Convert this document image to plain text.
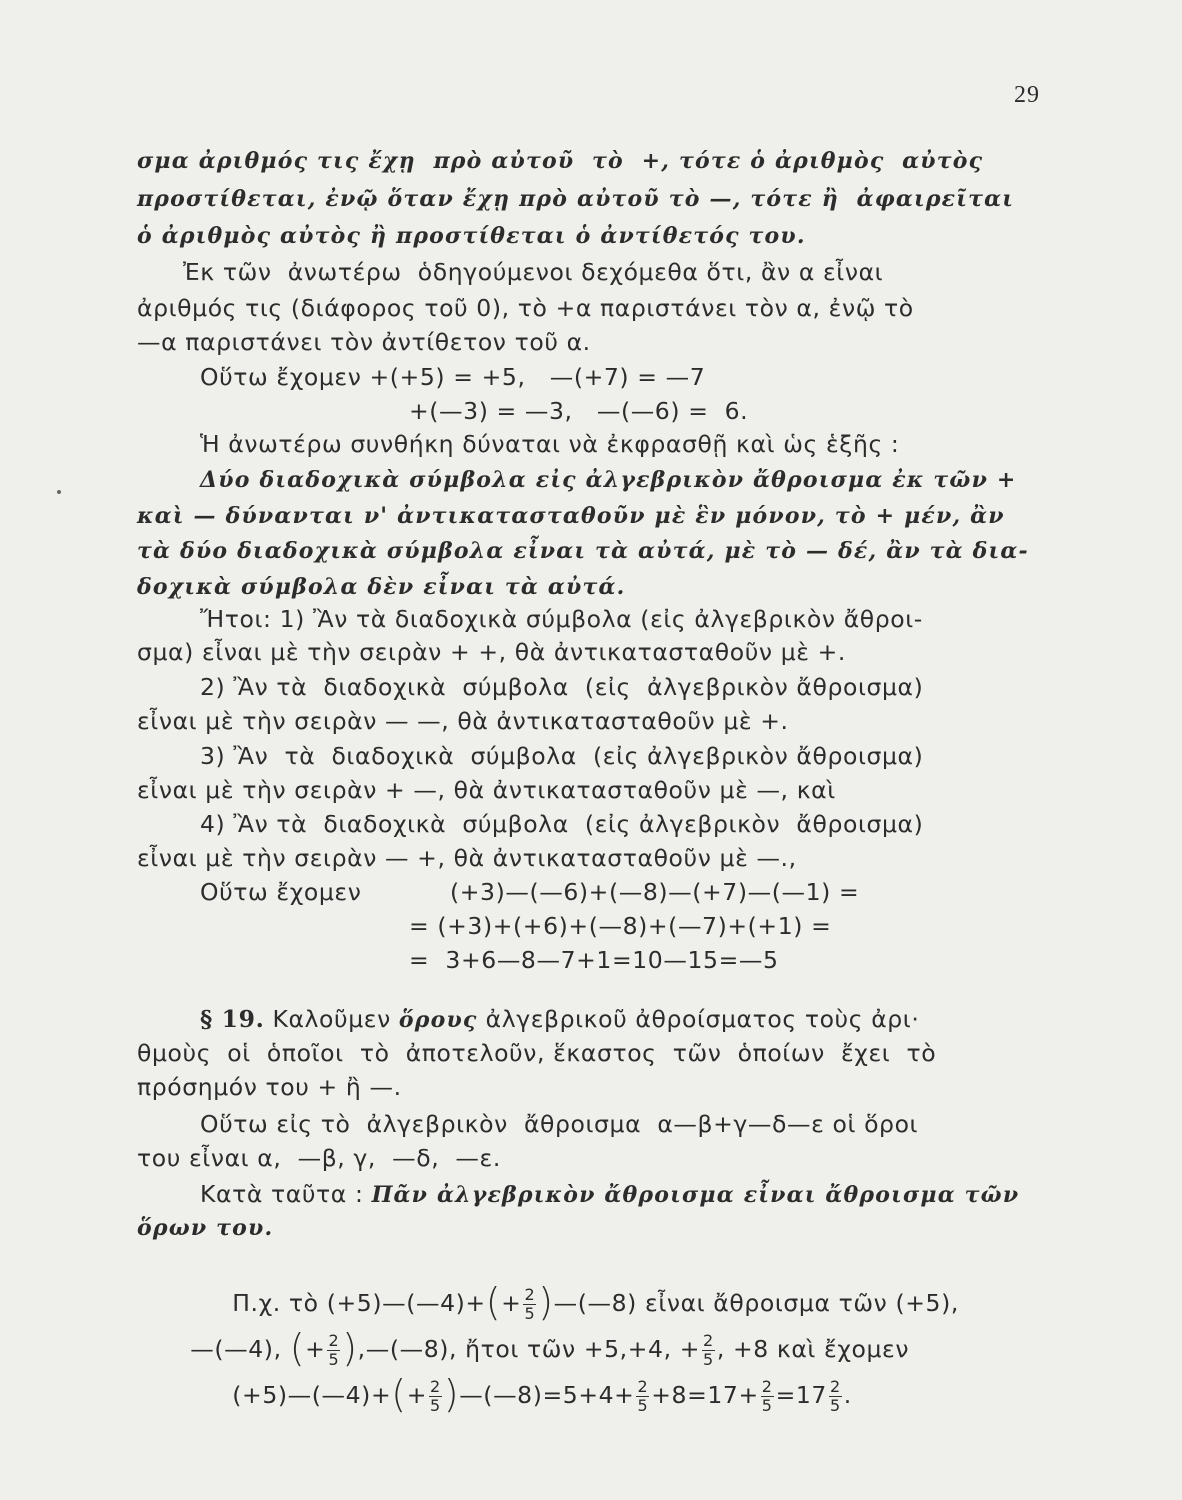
29
σμα ἀριθμός τις ἔχῃ  πρὸ αὐτοῦ  τὸ  +, τότε ὁ ἀριθμὸς  αὐτὸς
προστίθεται, ἐνῷ ὅταν ἔχῃ πρὸ αὐτοῦ τὸ —, τότε ἢ  ἀφαιρεῖται
ὁ ἀριθμὸς αὐτὸς ἢ προστίθεται ὁ ἀντίθετός του.
Ἐκ τῶν  ἀνωτέρω  ὁδηγούμενοι δεχόμεθα ὅτι, ἂν α εἶναι
ἀριθμός τις (διάφορος τοῦ 0), τὸ +α παριστάνει τὸν α, ἐνῷ τὸ
—α παριστάνει τὸν ἀντίθετον τοῦ α.
Οὕτω ἔχομεν +(+5) = +5,   —(+7) = —7
+(—3) = —3,   —(—6) =  6.
Ἡ ἀνωτέρω συνθήκη δύναται νὰ ἐκφρασθῇ καὶ ὡς ἑξῆς :
Δύο διαδοχικὰ σύμβολα εἰς ἀλγεβρικὸν ἄθροισμα ἐκ τῶν +
καὶ — δύνανται ν' ἀντικατασταθοῦν μὲ ἓν μόνον, τὸ + μέν, ἂν
τὰ δύο διαδοχικὰ σύμβολα εἶναι τὰ αὐτά, μὲ τὸ — δέ, ἂν τὰ δια-
δοχικὰ σύμβολα δὲν εἶναι τὰ αὐτά.
Ἤτοι: 1) Ἂν τὰ διαδοχικὰ σύμβολα (εἰς ἀλγεβρικὸν ἄθροι-
σμα) εἶναι μὲ τὴν σειρὰν + +, θὰ ἀντικατασταθοῦν μὲ +.
2) Ἂν τὰ  διαδοχικὰ  σύμβολα  (εἰς  ἀλγεβρικὸν ἄθροισμα)
εἶναι μὲ τὴν σειρὰν — —, θὰ ἀντικατασταθοῦν μὲ +.
3) Ἂν  τὰ  διαδοχικὰ  σύμβολα  (εἰς ἀλγεβρικὸν ἄθροισμα)
εἶναι μὲ τὴν σειρὰν + —, θὰ ἀντικατασταθοῦν μὲ —, καὶ
4) Ἂν τὰ  διαδοχικὰ  σύμβολα  (εἰς ἀλγεβρικὸν  ἄθροισμα)
εἶναι μὲ τὴν σειρὰν — +, θὰ ἀντικατασταθοῦν μὲ —.,
Οὕτω ἔχομεν	(+3)—(—6)+(—8)—(+7)—(—1) =
= (+3)+(+6)+(—8)+(—7)+(+1) =
=  3+6—8—7+1=10—15=—5
§ 19. Καλοῦμεν ὅρους ἀλγεβρικοῦ ἀθροίσματος τοὺς ἀρι·
θμοὺς  οἱ  ὁποῖοι  τὸ  ἀποτελοῦν, ἕκαστος  τῶν  ὁποίων  ἔχει  τὸ
πρόσημόν του + ἢ —.
Οὕτω εἰς τὸ  ἀλγεβρικὸν  ἄθροισμα  α—β+γ—δ—ε οἱ ὅροι
του εἶναι α,  —β, γ,  —δ,  —ε.
Κατὰ ταῦτα : Πᾶν ἀλγεβρικὸν ἄθροισμα εἶναι ἄθροισμα τῶν
ὅρων του.

Π.χ. τὸ (+5)—(—4)+(+ $\frac{2}{5}$ )—(—8) εἶναι ἄθροισμα τῶν (+5),

—(—4), (+ $\frac{2}{5}$ ),—(—8), ἤτοι τῶν +5,+4, + $\frac{2}{5}$ , +8 καὶ ἔχομεν

(+5)—(—4)+(+ $\frac{2}{5}$ )—(—8)=5+4+ $\frac{2}{5} +8=17+ \frac{2}{5} =17 \frac{2}{5}$ .
